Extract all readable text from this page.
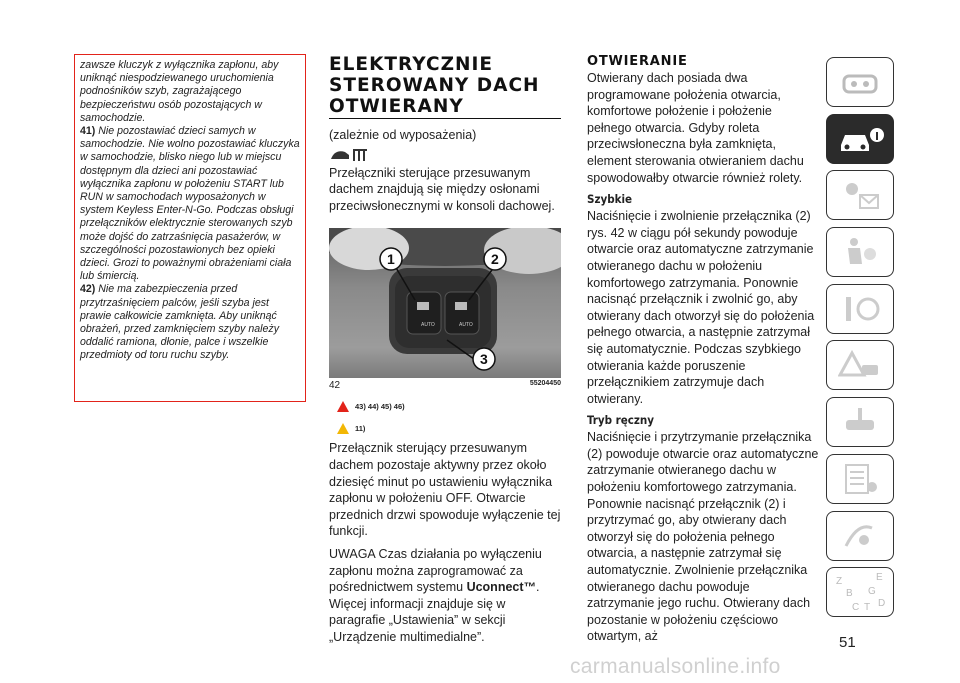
zawsze kluczyk z wyłącznika zapłonu, aby uniknąć niespodziewanego uruchomienia podnośników szyb, zagrażającego bezpieczeństwu osób pozostających w samochodzie.

41) Nie pozostawiać dzieci samych w samochodzie. Nie wolno pozostawiać kluczyka w samochodzie, blisko niego lub w miejscu dostępnym dla dzieci ani pozostawiać wyłącznika zapłonu w położeniu START lub RUN w samochodach wyposażonych w system Keyless Enter-N-Go. Podczas obsługi przełączników elektrycznie sterowanych szyb może dojść do zatrzaśnięcia pasażerów, w szczególności pozostawionych bez opieki dzieci. Grozi to poważnymi obrażeniami ciała lub śmiercią.

42) Nie ma zabezpieczenia przed przytrzaśnięciem palców, jeśli szyba jest prawie całkowicie zamknięta. Aby uniknąć obrażeń, przed zamknięciem szyby należy oddalić ramiona, dłonie, palce i wszelkie przedmioty od toru ruchu szyby.

ELEKTRYCZNIE
STEROWANY DACH
OTWIERANY

(zależnie od wyposażenia)

Przełączniki sterujące przesuwanym dachem znajdują się między osłonami przeciwsłonecznymi w konsoli dachowej.

AUTO	AUTO
1	2
3
42	55204450
43) 44) 45) 46)
11)

Przełącznik sterujący przesuwanym dachem pozostaje aktywny przez około dziesięć minut po ustawieniu wyłącznika zapłonu w położeniu OFF. Otwarcie przednich drzwi spowoduje wyłączenie tej funkcji.

UWAGA Czas działania po wyłączeniu zapłonu można zaprogramować za pośrednictwem systemu Uconnect™. Więcej informacji znajduje się w paragrafie „Ustawienia” w sekcji „Urządzenie multimedialne”.

OTWIERANIE

Otwierany dach posiada dwa programowane położenia otwarcia, komfortowe położenie i położenie pełnego otwarcia. Gdyby roleta przeciwsłoneczna była zamknięta, element sterowania otwieraniem dachu spowodowałby otwarcie również rolety.

Szybkie

Naciśnięcie i zwolnienie przełącznika (2) rys. 42 w ciągu pół sekundy powoduje otwarcie oraz automatyczne zatrzymanie otwieranego dachu w położeniu komfortowego zatrzymania. Ponownie nacisnąć przełącznik i zwolnić go, aby otwierany dach otworzył się do położenia pełnego otwarcia, a następnie zatrzymał się automatycznie. Podczas szybkiego otwierania każde poruszenie przełącznikiem zatrzymuje dach otwierany.

Tryb ręczny

Naciśnięcie i przytrzymanie przełącznika (2) powoduje otwarcie oraz automatyczne zatrzymanie otwieranego dachu w położeniu komfortowego zatrzymania. Ponownie nacisnąć przełącznik (2) i przytrzymać go, aby otwierany dach otworzył się do położenia pełnego otwarcia, a następnie zatrzymał się automatycznie. Zwolnienie przełącznika otwieranego dachu powoduje zatrzymanie jego ruchu. Otwierany dach pozostanie w położeniu częściowo otwartym, aż

Z	E
B G
C T D
51
carmanualsonline.info
